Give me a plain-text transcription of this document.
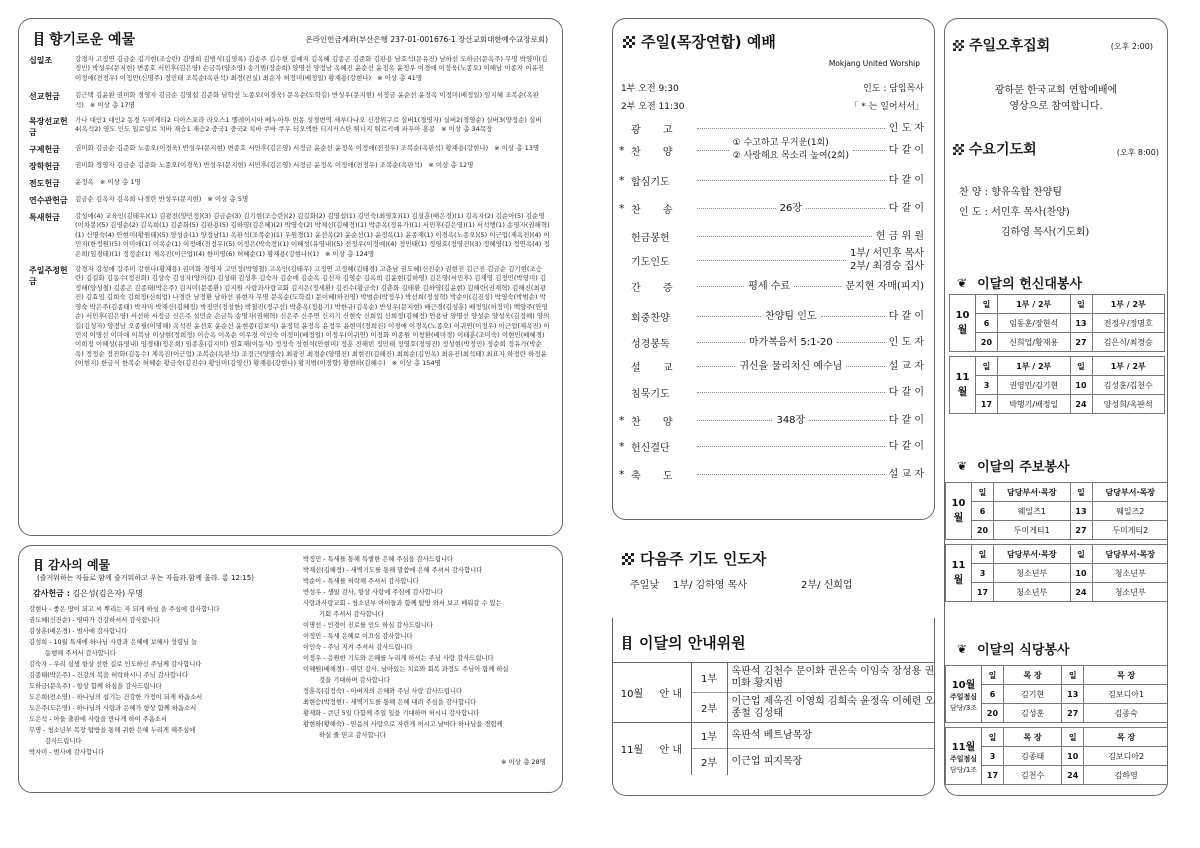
향기로운 예물	온라인헌금계좌(부산은행 237-01-001676-1 장산교회대한예수교장로회)
십일조	강경자 고정연 김금순 김기현(조승란) 김명희 김범식(김영록) 김송주 김수현 김예지 김옥혜 김종곤 김준화 김판용 남호석(문유진) 남하선 도하금(문옥주) 무명 박영미(김정민) 박성우(문지현) 변종호 서민후(김은영) 손금득(양소영) 송기범(장순희) 양명선 양정남 옥혜진 윤순선 윤정옥 윤정우 이경애 이정욱(노종오) 이해남 이종지 이유진 이정애(전정우) 이정민(신명주) 정민태 조복순(옥판석) 최정(진실) 최순자 허정미(배정일) 황재용(강현나) ※ 이상 총 41명
선교헌금	김근택 김윤환 권미화 경영자 김금순 김명섭 김준화 남학선 노종오(이경욱) 문옥순(도학길) 반성우(문지현) 서정금 윤순선 윤정옥 이정미(배정일) 임지혜 조복순(옥판석) ※ 이상 총 17명
목장선교헌금
가나 대인1 대인2 동경 두미게티2 디아스포라 라오스1 멜레이시아 베누아투 빈동 성경변역 세부다나오 신장위구르 실버1(경영자) 실버2(경영순) 실버3(양정순) 실버4(옥석2) 영도 인도 일로일로 치바 재승1 재승2 중국1 중국2 치바 쿠바 쿠우 터오액한 티지커스탄 튀니지 튀르키예 파푸아 홍콩 ※ 이상 총 34목장
구제헌금	권미화 김금순 김준화 노종오(이경욱) 반성우(문지현) 변종호 서민후(김은영) 서정금 윤순선 윤정옥 이정애(전정우) 조복순(옥판석) 황재용(강현나) ※ 이상 총 13명
장학헌금	권미화 경영자 김금순 김준화 노종오(이경욱) 반성우(문지현) 서민후(김은영) 서정금 윤정옥 이정애(전정우) 조복순(옥판석) ※ 이상 총 12명
전도헌금	윤정옥 ※ 이상 총 1명
연수관헌금	김금순 김옥자 김옥희 나경란 반성우(문지현) ※ 이상 총 5명
특새헌금	강성애(4) 교육인(김태우)(1) 김광전(양민정)(3) 김금순(3) 김기현(조승란)(2) 김길화(2) 김명섭(1) 김민숙(최영호)(1) 김성훈(배은경)(1) 김옥자(2) 김순아(5) 김순영(이차봉)(5) 김영순(2) 김옥희(1) 김준화(5) 김판용(5) 김하영(김은혜)(2) 박영숙(2) 박재신(김혜정)(1) 박준옥(정유가)(1) 서민후(김은영)(1) 서석행(1) 송영자(권해혁)(1) 신명숙(4) 안현미(황원태)(5) 양성순(1) 양정남(1) 옥판석(조복순)(1) 우원경(1) 윤선옥(2) 윤순선(1) 윤정옥(1) 윤종재(1) 이경옥(노종오)(5) 이근업(제옥진)(4) 이민지(한정원)(5) 이미애(1) 이옥순(1) 이정애(전정우)(5) 이정은(박숙정)(1) 이혜성(유영내)(5) 전정우(이정애)(4) 정민태(1) 정영호(정영진)(3) 정혜영(1) 정연옥(4) 정은희(임경태)(1) 정정순(1) 제옥진(이근업)(4) 한미영(6) 허혜순(1) 황재용(강현나)(1) ※ 이상 총 124명
주일주정헌금
강경자 강성애 강주미 강현나(황재용) 권미화 경영자 고민정(박영철) 고옥인(김태우) 고정연 고정혜(김태경) 고춘남 권도혜(신진순) 권현진 김근진 김금순 김기현(조승란) 김길화 김동수(정진화) 김상숙 김성자(양의길) 김성태 김성후 김숙자 김순애 김순옥 김신자 김영순 김옥희 김윤현(김하영) 김은영(서민후) 김재영 김정민(박영미) 김정해(양성철) 김종곤 김종태(박은주) 김지미(문종환) 김지원 사랑과사랑교회 김지은(정세환) 김진수(황금숙) 김춘화 김태환 김하영(김윤현) 김해란(권재혁) 김해진(최광진) 김효임 김희숙 김희정(신희업) 나경란 남정환 남하선 류현자 무명 문옥순(도학길) 문이혜(하진영) 박범순(박정우) 박선희(정성혁) 박순이(김진성) 박영숙(박범순) 박영숙 박은주(김종태) 박자미 박재신(김혜정) 박정민(정성한) 박철진(정구선) 박춘옥(정용기) 박한규(김옥순) 반성우(문지현) 배근경(김성훈) 배정일(허정미) 백양주(안영순) 서민후(김은영) 서선하 서정금 신은주 설민순 손금득 송명자(권해혁) 신은주 신주연 신지기 신현숙 신희업 신희정(김혜정) 안용남 양명선 양성순 양성욱(김정해) 양의길(김성자) 양정남 오종필(이명해) 옥석진 윤선호 윤순선 윤현종(김보식) 윤정덕 윤정옥 윤정우 윤현미(정희진) 이경애 이경옥(노종오) 이귀연(이정우) 이근업(제옥진) 이민지 이명선 이미애 이복남 이상현(정희정) 이승옥 이옥순 이우경 이인숙 이정미(배정일) 이정우(이귀연) 이정화 이종원 이창환(배미경) 이태훈(조미숙) 이현민(배혜경) 이희정 이혜성(유영내) 임경태(정은희) 임종훈(김지미) 임효재(이동식) 정정숙 장현식(안현미) 정훈 전해빈 정민태 정영호(정영진) 정성현(박정민) 정순희 정유가(박순옥) 정정순 정진화(김동수) 제옥진(이근업) 조복순(옥판석) 조정근(양명숙) 최광진 최경순(양명진) 최현진(김해진) 최희순(김민옥) 최유진(최석태) 최표자 하정란 하정윤(이현지) 한금식 한복순 허혜순 황금숙(김진수) 황인미(김영신) 황재용(강현나) 황지범(이정향) 황현하(김혜수) ※ 이상 총 154명
감사의 예물
(즐거워하는 자들로 함께 즐거워하고 우는 자들과 함께 울라. 롬 12:15)
감사헌금 : 김은성(김은자) 무명
강현나 - 좋은 땅이 되고 씨 뿌리는 자 되게 하심 을 주심에 감사합니다
권도혜(신진순) - 영따가 건강하셔서 감사합니다
김상훈(배은경) - 범사에 감사합니다
김성희 - 10월 특새에 하나님 사랑과 은혜에 보혜사 성령님 늘
동행해 주셔서 감사합니다
김숙자 - 우리 실생 항상 선한 길로 인도하신 주님께 감사합니다
김종태(박은주) - 건강의 복을 허락하시니 주님 감사합니다
도하금(문옥주) - 항상 함께 하심을 감사드립니다
도은희(전소영) - 하나님의 섭기는 건강한 가정이 되게 하옵소서
도은주(도은영) - 하나님의 사랑과 은혜가 항상 함께 하옵소서
도은석 - 아들 출판에 사랑을 만나게 하여 주옵소서
무명 - 청소년부 목장 탐방을 통해 귀한 은혜 누리게 해주심에
감사드립니다
박자미 - 범사에 감사합니다
박정민 - 특새를 통해 특별한 은혜 주심을 감사드립니다
박재신(김혜정) - 새벽기도를 통해 말씀에 은혜 주셔서 감사합니다
박순이 - 특새를 허락해 주셔서 감사합니다
반성우 - 생일 감사, 항상 사랑에 주심에 감사합니다
사랑과사랑교회 - 청소년부 아이들과 함께 탐방 와서 보고 배워갈 수 있는
기회 주셔서 감사합니다
이명선 - 인경이 진로를 인도 하심 감사드립니다
이정민 - 특새 은혜로 이끄심 감사합니다
이인숙 - 주님 지켜 주셔서 감사드립니다
이정우 - 응원한 기도와 은혜를 누리게 하셔는 주님 사랑 감사드립니다
이혜원(배해경) - 뛰던 감사, 남아있는 치료와 회복 과정도 주님이 함께 하실
것을 기대하며 감사합니다
정훈옥(김정숙) - 아버지의 은혜와 주님 사랑 감사드립니다
최현승(박정현) - 새벽기도를 통해 은혜 내려 주심을 감사합니다
황제화 - 큰딘 5일 다함께 주일 일을 기대하며 허시니 감사합니다
황현하(황해숙) - 믿음의 사랑으로 자란게 허시고 날마다 하나님을 경험케
하실 줄 믿고 감사합니다
※ 이상 총 28명
주일(목장연합) 예배
Mokjang United Worship
1부 오전 9:30
2부 오전 11:30
인도 : 담임목사
「 * 는 일어서서」
광       고	인 도 자
* 찬       양
① 수고하고 무거운(1회)
② 사랑해요 목소리 높여(2회)
다 같 이
* 합심기도	다 같 이
* 찬       송	26장	다 같 이
헌금봉헌	헌 금 위 원
기도인도
1부/ 서민후 목사
2부/ 최경승 집사
간       증	평세 수료	문지현 자매(피지)
회중찬양	찬양팀 인도	다 같 이
성경봉독	마가복음서 5:1-20	인 도 자
설       교	귀신을 물리치신 예수님	설 교 자
침묵기도	다 같 이
* 찬       양	348장	다 같 이
* 헌신결단	다 같 이
* 축       도	설 교 자
다음주 기도 인도자
주일낮 1부/ 김하영 목사	2부/ 신희업
이달의 안내위원
10월	안 내	1부	옥판석 김천수 문이화 권은숙 이임숙 장성용 권미화 황지범
		2부	이근업 제옥진 이영희 김희숙 윤정옥 이혜련 오종철 김성태
11월	안 내	1부	옥판석 베트남목장
		2부	이근업 피지목장
주일오후집회	(오후 2:00)
광하문 한국교회 연합예배에
영상으로 참여합니다.
수요기도회	(오후 8:00)
찬 양 : 향유옥합 찬양팀
인 도 : 서민후 목사(찬양)
김하영 목사(기도회)
❦ 이달의 헌신대봉사
10월	일	1부 / 2부	일	1부 / 2부
	6	임동훈/장현석	13	전정우/정명호
	20	신희업/황재용	27	김은식/최경승

11월	일	1부 / 2부	일	1부 / 2부
	3	권영민/김기현	10	김성훈/김천수
	17	박행기/배정일	24	양성희/옥판석
❦ 이달의 주보봉사
10월	일	담당부서·목장	일	담당부서·목장
	6	웨일즈1	13	웨일즈2
	20	두미게티1	27	두미게티2

11월	일	담당부서·목장	일	담당부서·목장
	3	청소년부	10	청소년부
	17	청소년부	24	청소년부
❦ 이달의 식당봉사
10월
주일점심
담당/3조	일	목 장	일	목 장
	6	김기현	13	김보디아1
	20	김성훈	27	김종숙

11월
주일점심
담당/1조	일	목 장	일	목 장
	3	김종태	10	김보디아2
	17	김천수	24	김하영
